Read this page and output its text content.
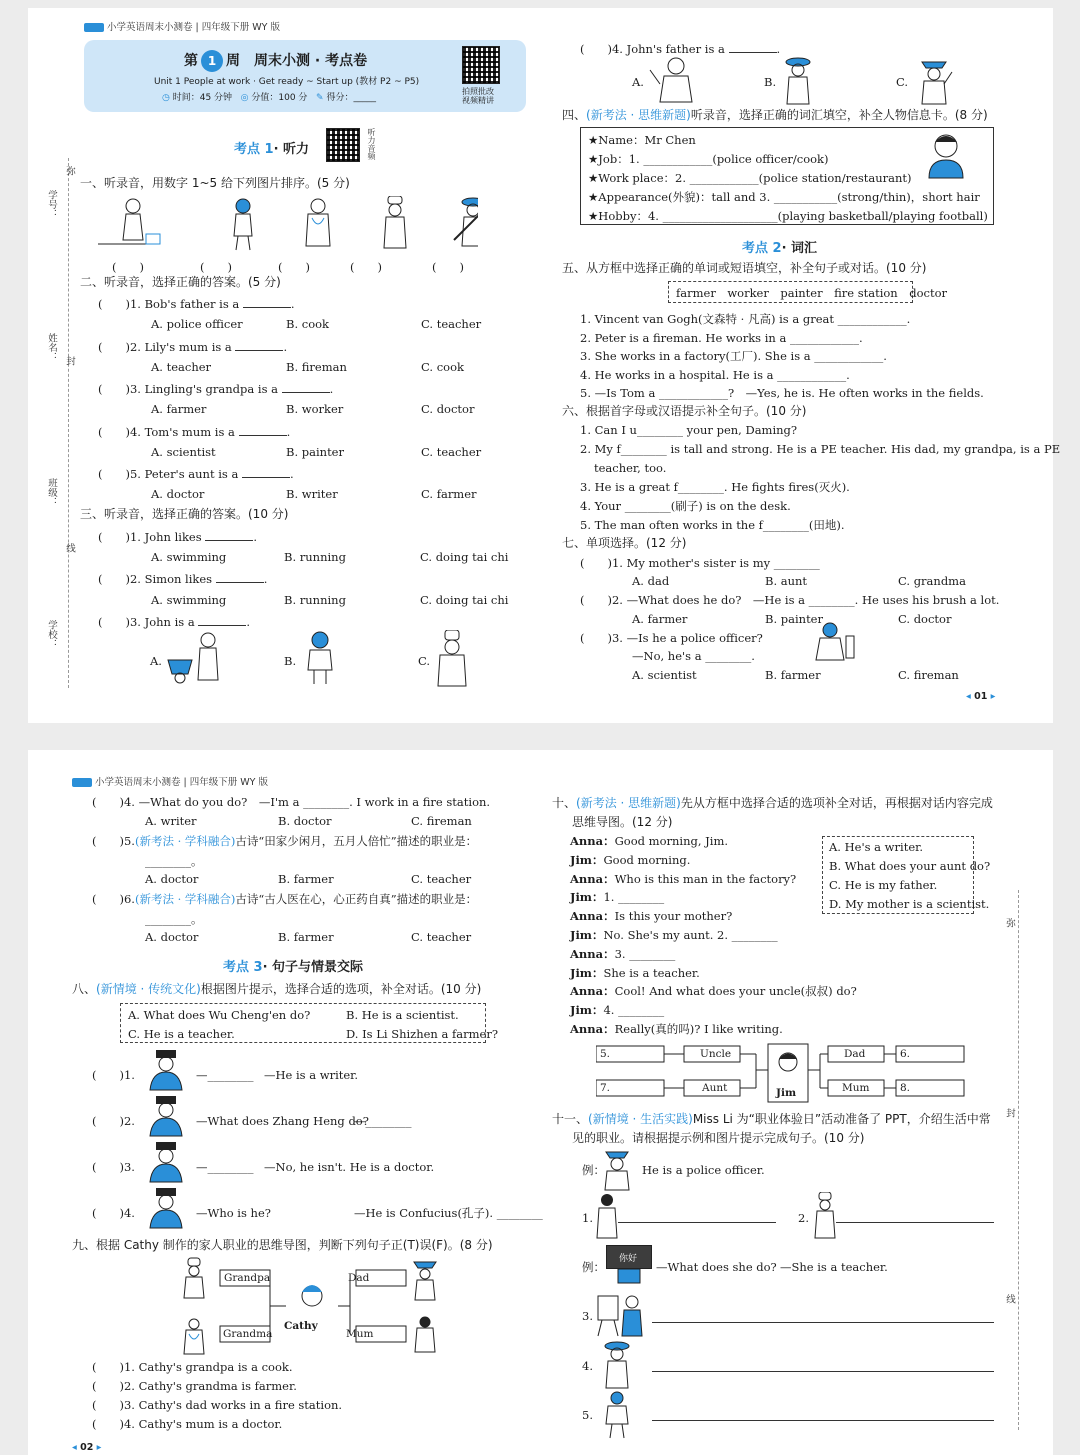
小学英语周末小测卷 | 四年级下册 WY 版
第 1 周　周末小测 · 考点卷
Unit 1 People at work · Get ready ~ Start up (教材 P2 ~ P5)
◷ 时间：45 分钟 ◎ 分值：100 分 ✎ 得分：_____
拍照批改
视频精讲
学号：
姓名：
班级：
学校：
弥
封
线
考点 1· 听力	听力音频
一、听录音，用数字 1~5 给下列图片排序。(5 分)
(　　)	(　　)	(　　)	(　　)	(　　)
二、听录音，选择正确的答案。(5 分)
三、听录音，选择正确的答案。(10 分)
(　　)1. John likes	.
A. swimming	B. running	C. doing tai chi
(　　)2. Simon likes	.
A. swimming	B. running	C. doing tai chi
(　　)3. John is a	.
A.	B.	C.
(　　)4. John's father is a	.
A.	B.	C.
四、(新考法 · 思维新题)听录音，选择正确的词汇填空，补全人物信息卡。(8 分)
★Name：Mr Chen
★Job：1. ____________(police officer/cook)
★Work place：2. ____________(police station/restaurant)
★Appearance(外貌)：tall and 3. ___________(strong/thin)，short hair
★Hobby：4. ____________________(playing basketball/playing football)
考点 2· 词汇
五、从方框中选择正确的单词或短语填空，补全句子或对话。(10 分)
farmer　worker　painter　fire station　doctor
六、根据首字母或汉语提示补全句子。(10 分)
七、单项选择。(12 分)
(　　)1. My mother's sister is my ________
A. dad	B. aunt	C. grandma
(　　)2. —What does he do?　—He is a ________. He uses his brush a lot.
A. farmer	B. painter	C. doctor
(　　)3. —Is he a police officer?
—No, he's a ________.
A. scientist	B. farmer	C. fireman
◂ 01 ▸
(　　)1. Bob's father is a	.
A. police officer	B. cook	C. teacher
(　　)2. Lily's mum is a	.
A. teacher	B. fireman	C. cook
(　　)3. Lingling's grandpa is a	.
A. farmer	B. worker	C. doctor
(　　)4. Tom's mum is a	.
A. scientist	B. painter	C. teacher
(　　)5. Peter's aunt is a	.
A. doctor	B. writer	C. farmer
1. Vincent van Gogh(文森特 · 凡高) is a great ____________.
2. Peter is a fireman. He works in a ____________.
3. She works in a factory(工厂). She is a ____________.
4. He works in a hospital. He is a ____________.
5. —Is Tom a ____________?　—Yes, he is. He often works in the fields.
1. Can I u________ your pen, Daming?
2. My f________ is tall and strong. He is a PE teacher. His dad, my grandpa, is a PE
teacher, too.
3. He is a great f________. He fights fires(灭火).
4. Your ________(刷子) is on the desk.
5. The man often works in the f________(田地).
小学英语周末小测卷 | 四年级下册 WY 版
(　　)4. —What do you do?　—I'm a ________. I work in a fire station.
A. writer	B. doctor	C. fireman
(　　)5.(新考法 · 学科融合)古诗“田家少闲月，五月人倍忙”描述的职业是：
________。
A. doctor	B. farmer	C. teacher
(　　)6.(新考法 · 学科融合)古诗“古人医在心，心正药自真”描述的职业是：
________。
A. doctor	B. farmer	C. teacher
考点 3· 句子与情景交际
八、(新情境 · 传统文化)根据图片提示，选择合适的选项，补全对话。(10 分)
A. What does Wu Cheng'en do?	B. He is a scientist.
C. He is a teacher.	D. Is Li Shizhen a farmer?
九、根据 Cathy 制作的家人职业的思维导图，判断下列句子正(T)误(F)。(8 分)
Grandpa
Grandma
Cathy
Dad
Mum
十、(新考法 · 思维新题)先从方框中选择合适的选项补全对话，再根据对话内容完成
思维导图。(12 分)
A. He's a writer.
B. What does your aunt do?
C. He is my father.
D. My mother is a scientist.
5.	Uncle
7.	Aunt	Jim
Dad	6.
Mum	8.
十一、(新情境 · 生活实践)Miss Li 为“职业体验日”活动准备了 PPT，介绍生活中常
见的职业。请根据提示例和图片提示完成句子。(10 分)
例：	He is a police officer.
1.	2.
例：
你好
—What does she do? —She is a teacher.
3.
4.
5.
弥
封
线
◂ 02 ▸
(　　)1.	—________ —He is a writer.
(　　)2.	—What does Zhang Heng do?
—________
(　　)3.	—________ —No, he isn't. He is a doctor.
(　　)4.	—Who is he?	—He is Confucius(孔子). ________
(　　)1. Cathy's grandpa is a cook.
(　　)2. Cathy's grandma is farmer.
(　　)3. Cathy's dad works in a fire station.
(　　)4. Cathy's mum is a doctor.
Anna：Good morning, Jim.
Jim：Good morning.
Anna：Who is this man in the factory?
Jim：1. ________
Anna：Is this your mother?
Jim：No. She's my aunt. 2. ________
Anna：3. ________
Jim：She is a teacher.
Anna：Cool! And what does your uncle(叔叔) do?
Jim：4. ________
Anna：Really(真的吗)? I like writing.
